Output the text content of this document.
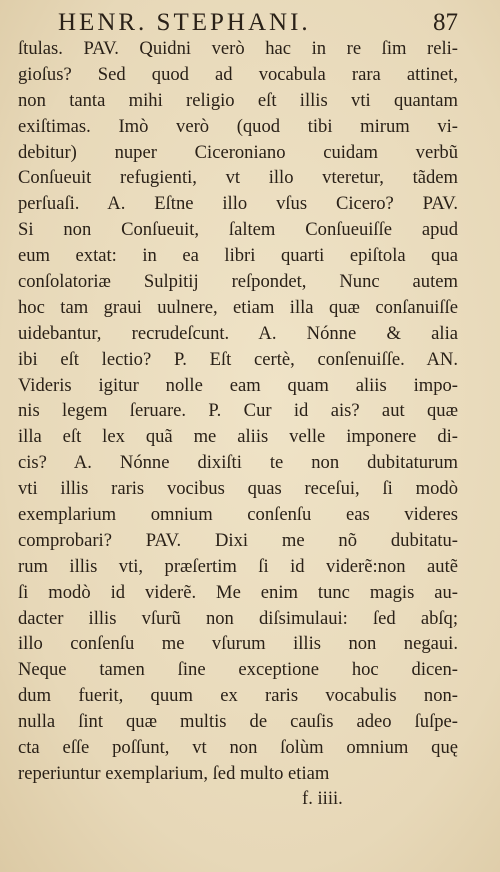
HENR. STEPHANI.	87
ſtulas. PAV. Quidni verò hac in re ſim reli-
gioſus? Sed quod ad vocabula rara attinet,
non tanta mihi religio eſt illis vti quantam
exiſtimas. Imò verò (quod tibi mirum vi-
debitur) nuper Ciceroniano cuidam verbũ
Conſueuit refugienti, vt illo vteretur, tãdem
perſuaſi. A. Eſtne illo vſus Cicero? PAV.
Si non Conſueuit, ſaltem Conſueuiſſe apud
eum extat: in ea libri quarti epiſtola qua
conſolatoriæ Sulpitij reſpondet, Nunc autem
hoc tam graui uulnere, etiam illa quæ conſanuiſſe
uidebantur, recrudeſcunt. A. Nónne & alia
ibi eſt lectio? P. Eſt certè, conſenuiſſe. AN.
Videris igitur nolle eam quam aliis impo-
nis legem ſeruare. P. Cur id ais? aut quæ
illa eſt lex quã me aliis velle imponere di-
cis? A. Nónne dixiſti te non dubitaturum
vti illis raris vocibus quas receſui, ſi modò
exemplarium omnium conſenſu eas videres
comprobari? PAV. Dixi me nõ dubitatu-
rum illis vti, præſertim ſi id viderẽ:non autẽ
ſi modò id viderẽ. Me enim tunc magis au-
dacter illis vſurũ non diſsimulaui: ſed abſq;
illo conſenſu me vſurum illis non negaui.
Neque tamen ſine exceptione hoc dicen-
dum fuerit, quum ex raris vocabulis non-
nulla ſint quæ multis de cauſis adeo ſuſpe-
cta eſſe poſſunt, vt non ſolùm omnium quę
reperiuntur exemplarium, ſed multo etiam
f. iiii.
